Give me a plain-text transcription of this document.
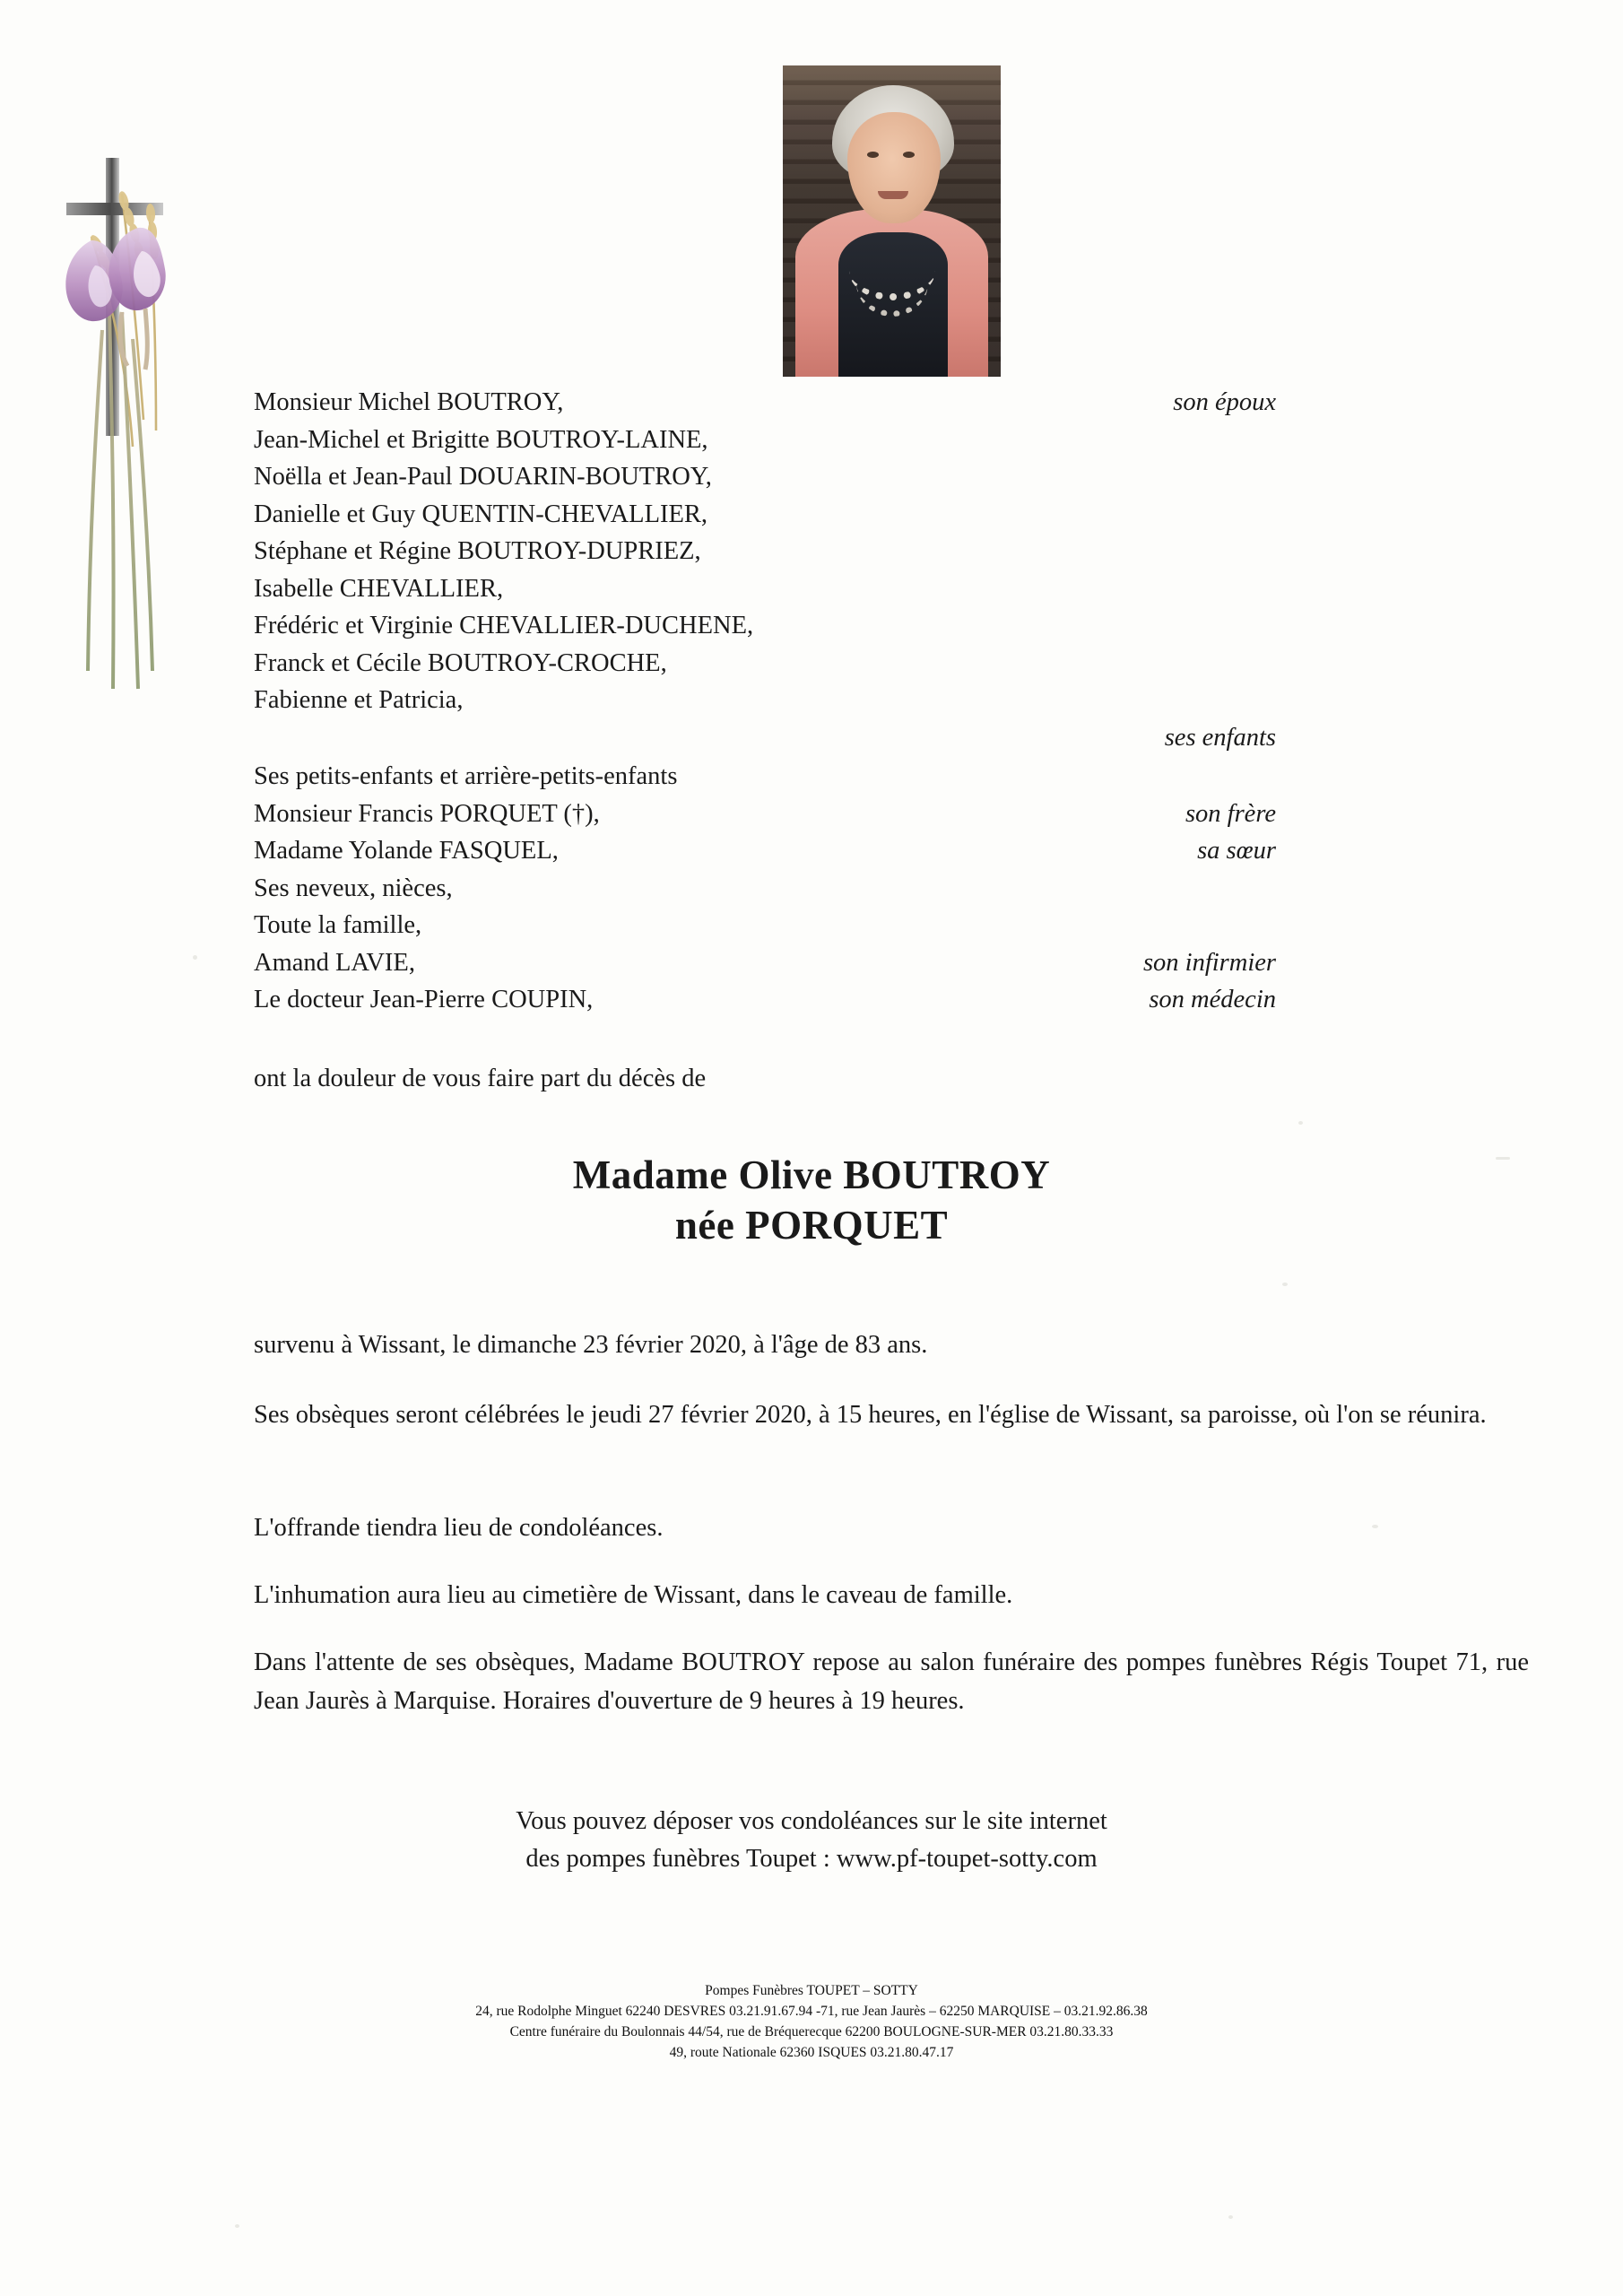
Monsieur Michel BOUTROY,	son époux
Jean-Michel et Brigitte BOUTROY-LAINE,
Noëlla et Jean-Paul DOUARIN-BOUTROY,
Danielle et Guy QUENTIN-CHEVALLIER,
Stéphane et Régine BOUTROY-DUPRIEZ,
Isabelle CHEVALLIER,
Frédéric et Virginie CHEVALLIER-DUCHENE,
Franck et Cécile BOUTROY-CROCHE,
Fabienne et Patricia,
ses enfants
Ses petits-enfants et arrière-petits-enfants
Monsieur Francis PORQUET (†),	son frère
Madame Yolande FASQUEL,	sa sœur
Ses neveux, nièces,
Toute la famille,
Amand LAVIE,	son infirmier
Le docteur Jean-Pierre COUPIN,	son médecin
ont la douleur de vous faire part du décès de
Madame Olive BOUTROY
née PORQUET
survenu à Wissant, le dimanche 23 février 2020, à l'âge de 83 ans.
Ses obsèques seront célébrées le jeudi 27 février 2020, à 15 heures, en l'église de Wissant, sa paroisse, où l'on se réunira.
L'offrande tiendra lieu de condoléances.
L'inhumation aura lieu au cimetière de Wissant, dans le caveau de famille.
Dans l'attente de ses obsèques, Madame BOUTROY repose au salon funéraire des pompes funèbres Régis Toupet 71, rue Jean Jaurès à Marquise. Horaires d'ouverture de 9 heures à 19 heures.
Vous pouvez déposer vos condoléances sur le site internet
des pompes funèbres Toupet : www.pf-toupet-sotty.com
Pompes Funèbres TOUPET – SOTTY
24, rue Rodolphe Minguet 62240 DESVRES 03.21.91.67.94 -71, rue Jean Jaurès – 62250 MARQUISE – 03.21.92.86.38
Centre funéraire du Boulonnais 44/54, rue de Bréquerecque 62200 BOULOGNE-SUR-MER 03.21.80.33.33
49, route Nationale 62360 ISQUES 03.21.80.47.17
